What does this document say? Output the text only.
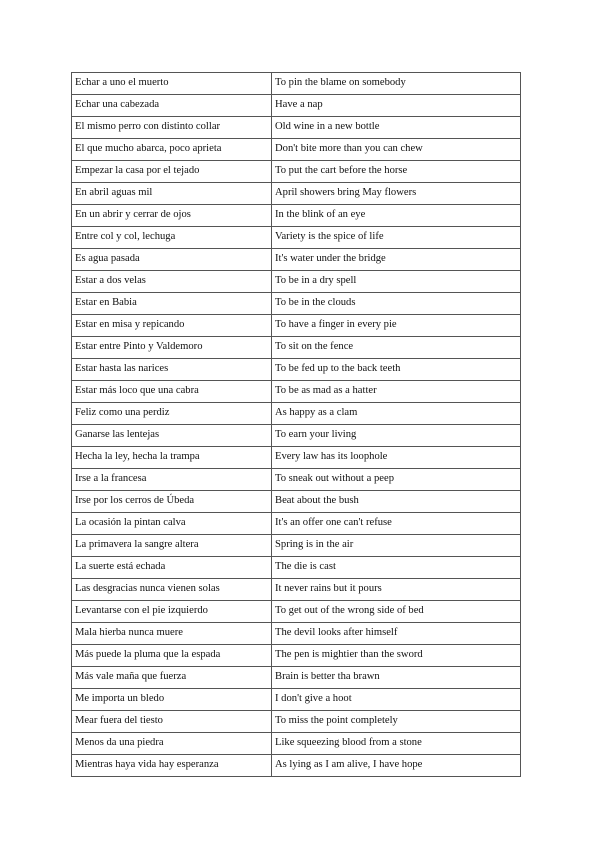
Echar a uno el muerto	To pin the blame on somebody
Echar una cabezada	Have a nap
El mismo perro con distinto collar	Old wine in a new bottle
El que mucho abarca, poco aprieta	Don't bite more than you can chew
Empezar la casa por el tejado	To put the cart before the horse
En abril aguas mil	April showers bring May flowers
En un abrir y cerrar de ojos	In the blink of an eye
Entre col y col, lechuga	Variety is the spice of life
Es agua pasada	It's water under the bridge
Estar a dos velas	To be in a dry spell
Estar en Babia	To be in the clouds
Estar en misa y repicando	To have a finger in every pie
Estar entre Pinto y Valdemoro	To sit on the fence
Estar hasta las narices	To be fed up to the back teeth
Estar más loco que una cabra	To be as mad as a hatter
Feliz como una perdiz	As happy as a clam
Ganarse las lentejas	To earn your living
Hecha la ley, hecha la trampa	Every law has its loophole
Irse a la francesa	To sneak out without a peep
Irse por los cerros de Úbeda	Beat about the bush
La ocasión la pintan calva	It's an offer one can't refuse
La primavera la sangre altera	Spring is in the air
La suerte está echada	The die is cast
Las desgracias nunca vienen solas	It never rains but it pours
Levantarse con el pie izquierdo	To get out of the wrong side of bed
Mala hierba nunca muere	The devil looks after himself
Más puede la pluma que la espada	The pen is mightier than the sword
Más vale maña que fuerza	Brain is better tha brawn
Me importa un bledo	I don't give a hoot
Mear fuera del tiesto	To miss the point completely
Menos da una piedra	Like squeezing blood from a stone
Mientras haya vida hay esperanza	As lying as I am alive, I have hope
